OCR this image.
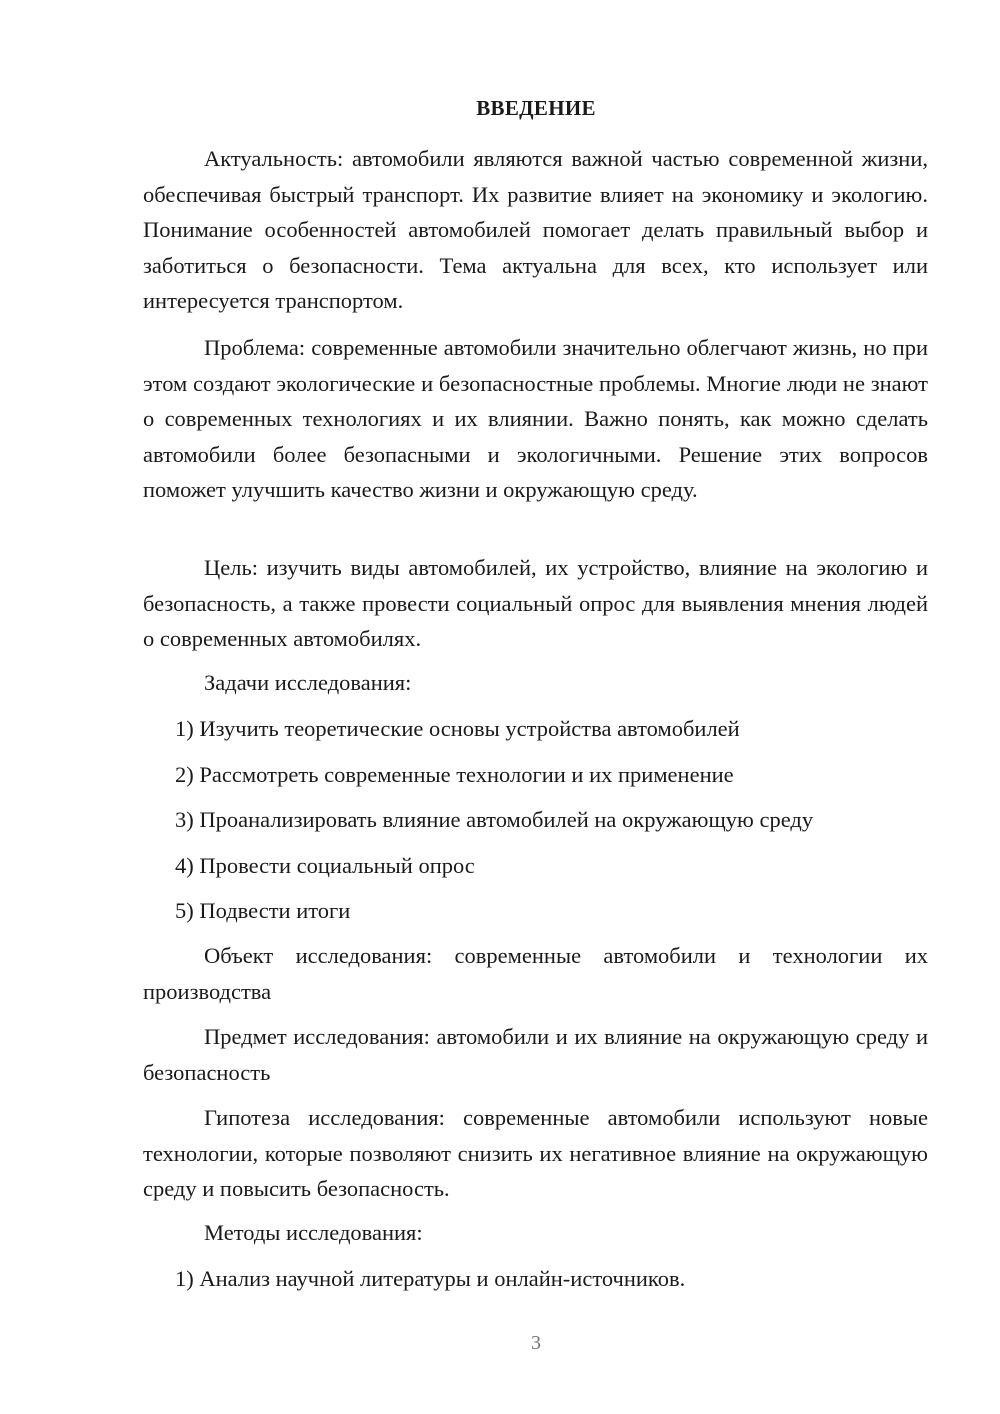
ВВЕДЕНИЕ

Актуальность: автомобили являются важной частью современной жизни, обеспечивая быстрый транспорт. Их развитие влияет на экономику и экологию. Понимание особенностей автомобилей помогает делать правильный выбор и заботиться о безопасности. Тема актуальна для всех, кто использует или интересуется транспортом.

Проблема: современные автомобили значительно облегчают жизнь, но при этом создают экологические и безопасностные проблемы. Многие люди не знают о современных технологиях и их влиянии. Важно понять, как можно сделать автомобили более безопасными и экологичными. Решение этих вопросов поможет улучшить качество жизни и окружающую среду.

Цель: изучить виды автомобилей, их устройство, влияние на экологию и безопасность, а также провести социальный опрос для выявления мнения людей о современных автомобилях.

Задачи исследования:
1) Изучить теоретические основы устройства автомобилей
2) Рассмотреть современные технологии и их применение
3) Проанализировать влияние автомобилей на окружающую среду
4) Провести социальный опрос
5) Подвести итоги

Объект исследования: современные автомобили и технологии их производства

Предмет исследования: автомобили и их влияние на окружающую среду и безопасность

Гипотеза исследования: современные автомобили используют новые технологии, которые позволяют снизить их негативное влияние на окружающую среду и повысить безопасность.

Методы исследования:
1) Анализ научной литературы и онлайн-источников.
3
